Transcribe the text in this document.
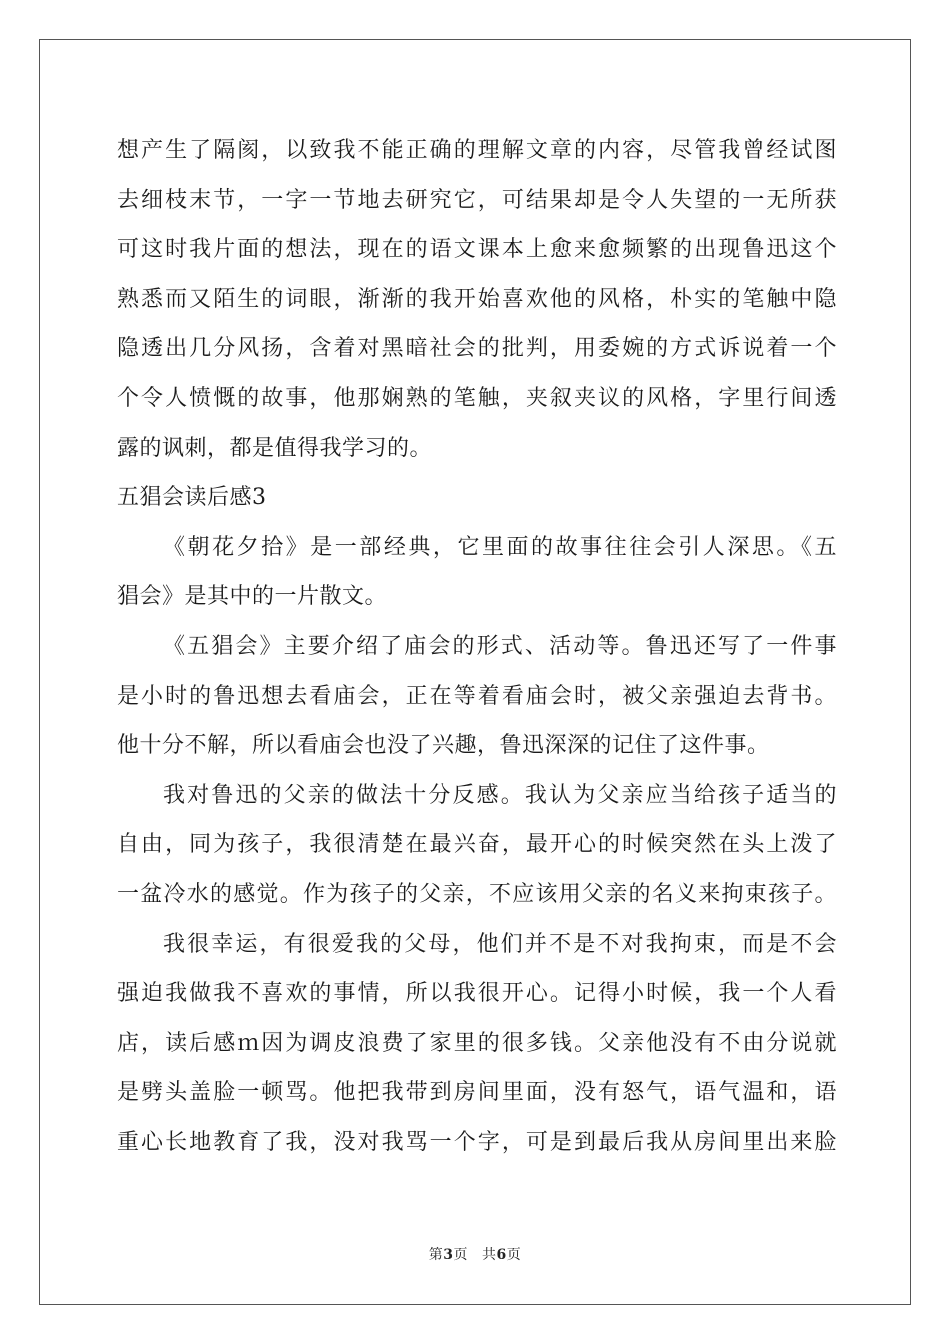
想产生了隔阂，以致我不能正确的理解文章的内容，尽管我曾经试图
去细枝末节，一字一节地去研究它，可结果却是令人失望的一无所获
可这时我片面的想法，现在的语文课本上愈来愈频繁的出现鲁迅这个
熟悉而又陌生的词眼，渐渐的我开始喜欢他的风格，朴实的笔触中隐
隐透出几分风扬，含着对黑暗社会的批判，用委婉的方式诉说着一个
个令人愤慨的故事，他那娴熟的笔触，夹叙夹议的风格，字里行间透
露的讽刺，都是值得我学习的。
五猖会读后感3
《朝花夕拾》是一部经典，它里面的故事往往会引人深思。《五
猖会》是其中的一片散文。
《五猖会》主要介绍了庙会的形式、活动等。鲁迅还写了一件事
是小时的鲁迅想去看庙会，正在等着看庙会时，被父亲强迫去背书。
他十分不解，所以看庙会也没了兴趣，鲁迅深深的记住了这件事。
我对鲁迅的父亲的做法十分反感。我认为父亲应当给孩子适当的
自由，同为孩子，我很清楚在最兴奋，最开心的时候突然在头上泼了
一盆冷水的感觉。作为孩子的父亲，不应该用父亲的名义来拘束孩子。
我很幸运，有很爱我的父母，他们并不是不对我拘束，而是不会
强迫我做我不喜欢的事情，所以我很开心。记得小时候，我一个人看
店，读后感ｍ因为调皮浪费了家里的很多钱。父亲他没有不由分说就
是劈头盖脸一顿骂。他把我带到房间里面，没有怒气，语气温和，语
重心长地教育了我，没对我骂一个字，可是到最后我从房间里出来脸
第3页 共6页
